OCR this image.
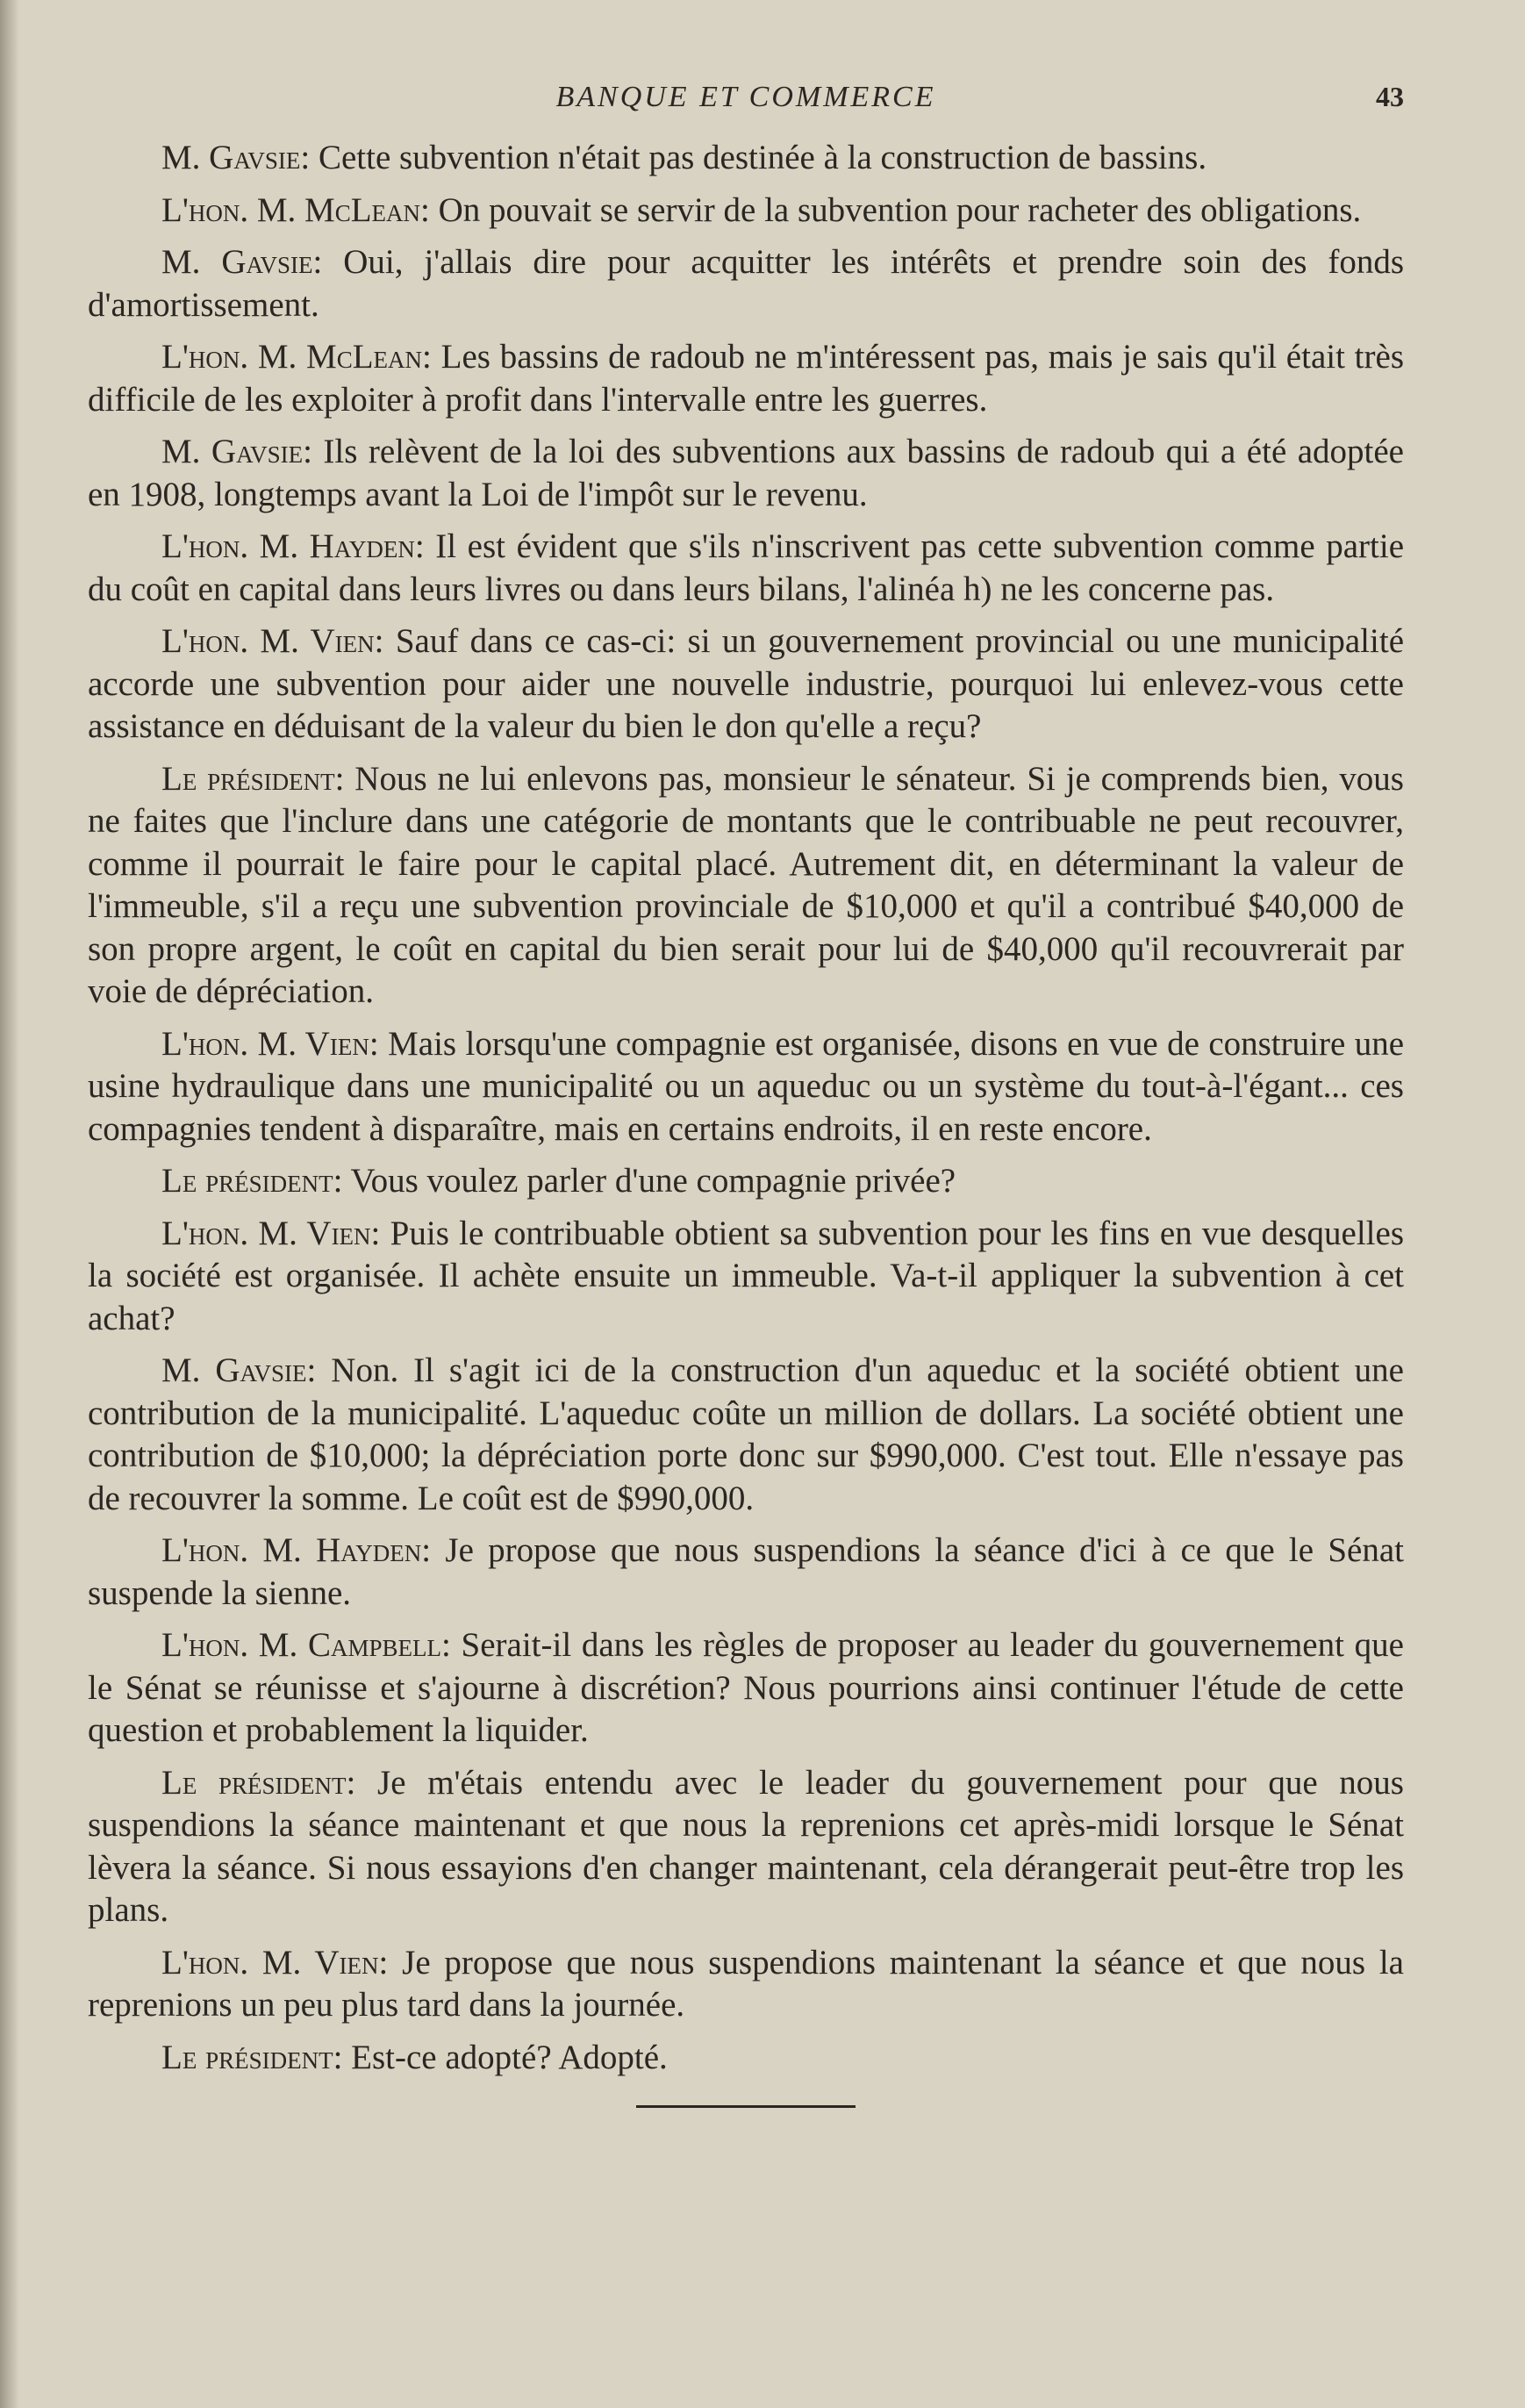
BANQUE ET COMMERCE	43

M. Gavsie: Cette subvention n'était pas destinée à la construction de bassins.

L'hon. M. McLean: On pouvait se servir de la subvention pour racheter des obligations.

M. Gavsie: Oui, j'allais dire pour acquitter les intérêts et prendre soin des fonds d'amortissement.

L'hon. M. McLean: Les bassins de radoub ne m'intéressent pas, mais je sais qu'il était très difficile de les exploiter à profit dans l'intervalle entre les guerres.

M. Gavsie: Ils relèvent de la loi des subventions aux bassins de radoub qui a été adoptée en 1908, longtemps avant la Loi de l'impôt sur le revenu.

L'hon. M. Hayden: Il est évident que s'ils n'inscrivent pas cette subvention comme partie du coût en capital dans leurs livres ou dans leurs bilans, l'alinéa h) ne les concerne pas.

L'hon. M. Vien: Sauf dans ce cas-ci: si un gouvernement provincial ou une municipalité accorde une subvention pour aider une nouvelle industrie, pourquoi lui enlevez-vous cette assistance en déduisant de la valeur du bien le don qu'elle a reçu?

Le président: Nous ne lui enlevons pas, monsieur le sénateur. Si je comprends bien, vous ne faites que l'inclure dans une catégorie de montants que le contribuable ne peut recouvrer, comme il pourrait le faire pour le capital placé. Autrement dit, en déterminant la valeur de l'immeuble, s'il a reçu une subvention provinciale de $10,000 et qu'il a contribué $40,000 de son propre argent, le coût en capital du bien serait pour lui de $40,000 qu'il recouvrerait par voie de dépréciation.

L'hon. M. Vien: Mais lorsqu'une compagnie est organisée, disons en vue de construire une usine hydraulique dans une municipalité ou un aqueduc ou un système du tout-à-l'égant... ces compagnies tendent à disparaître, mais en certains endroits, il en reste encore.

Le président: Vous voulez parler d'une compagnie privée?

L'hon. M. Vien: Puis le contribuable obtient sa subvention pour les fins en vue desquelles la société est organisée. Il achète ensuite un immeuble. Va-t-il appliquer la subvention à cet achat?

M. Gavsie: Non. Il s'agit ici de la construction d'un aqueduc et la société obtient une contribution de la municipalité. L'aqueduc coûte un million de dollars. La société obtient une contribution de $10,000; la dépréciation porte donc sur $990,000. C'est tout. Elle n'essaye pas de recouvrer la somme. Le coût est de $990,000.

L'hon. M. Hayden: Je propose que nous suspendions la séance d'ici à ce que le Sénat suspende la sienne.

L'hon. M. Campbell: Serait-il dans les règles de proposer au leader du gouvernement que le Sénat se réunisse et s'ajourne à discrétion? Nous pourrions ainsi continuer l'étude de cette question et probablement la liquider.

Le président: Je m'étais entendu avec le leader du gouvernement pour que nous suspendions la séance maintenant et que nous la reprenions cet après-midi lorsque le Sénat lèvera la séance. Si nous essayions d'en changer maintenant, cela dérangerait peut-être trop les plans.

L'hon. M. Vien: Je propose que nous suspendions maintenant la séance et que nous la reprenions un peu plus tard dans la journée.

Le président: Est-ce adopté? Adopté.
